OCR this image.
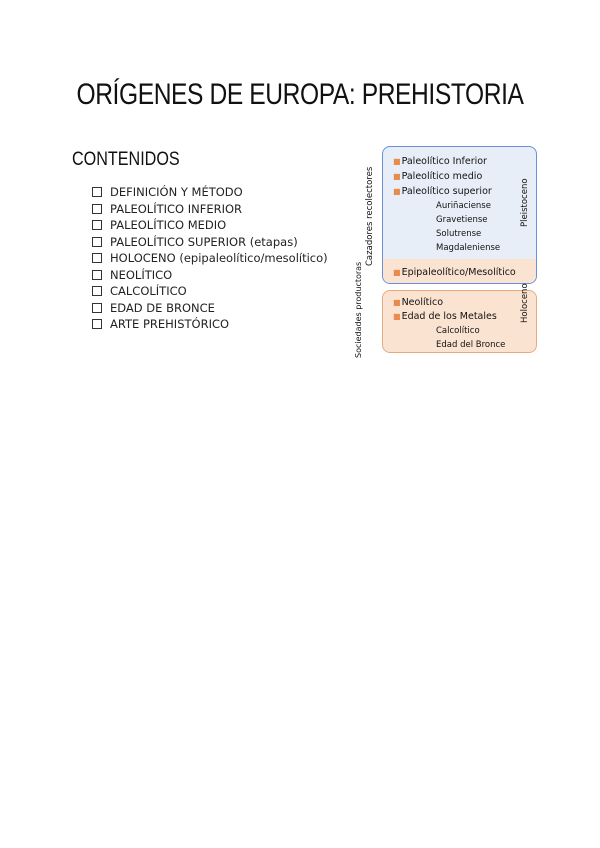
ORÍGENES DE EUROPA: PREHISTORIA
CONTENIDOS
DEFINICIÓN Y MÉTODO
PALEOLÍTICO INFERIOR
PALEOLÍTICO MEDIO
PALEOLÍTICO SUPERIOR (etapas)
HOLOCENO (epipaleolítico/mesolítico)
NEOLÍTICO
CALCOLÍTICO
EDAD DE BRONCE
ARTE PREHISTÓRICO
Cazadores recolectores
Sociedades productoras
■Paleolítico Inferior
■Paleolítico medio
■Paleolítico superior
Auriñaciense
Gravetiense
Solutrense
Magdaleniense
■Epipaleolítico/Mesolítico
■Neolítico
■Edad de los Metales
Calcolítico
Edad del Bronce
Pleistoceno
Holoceno
